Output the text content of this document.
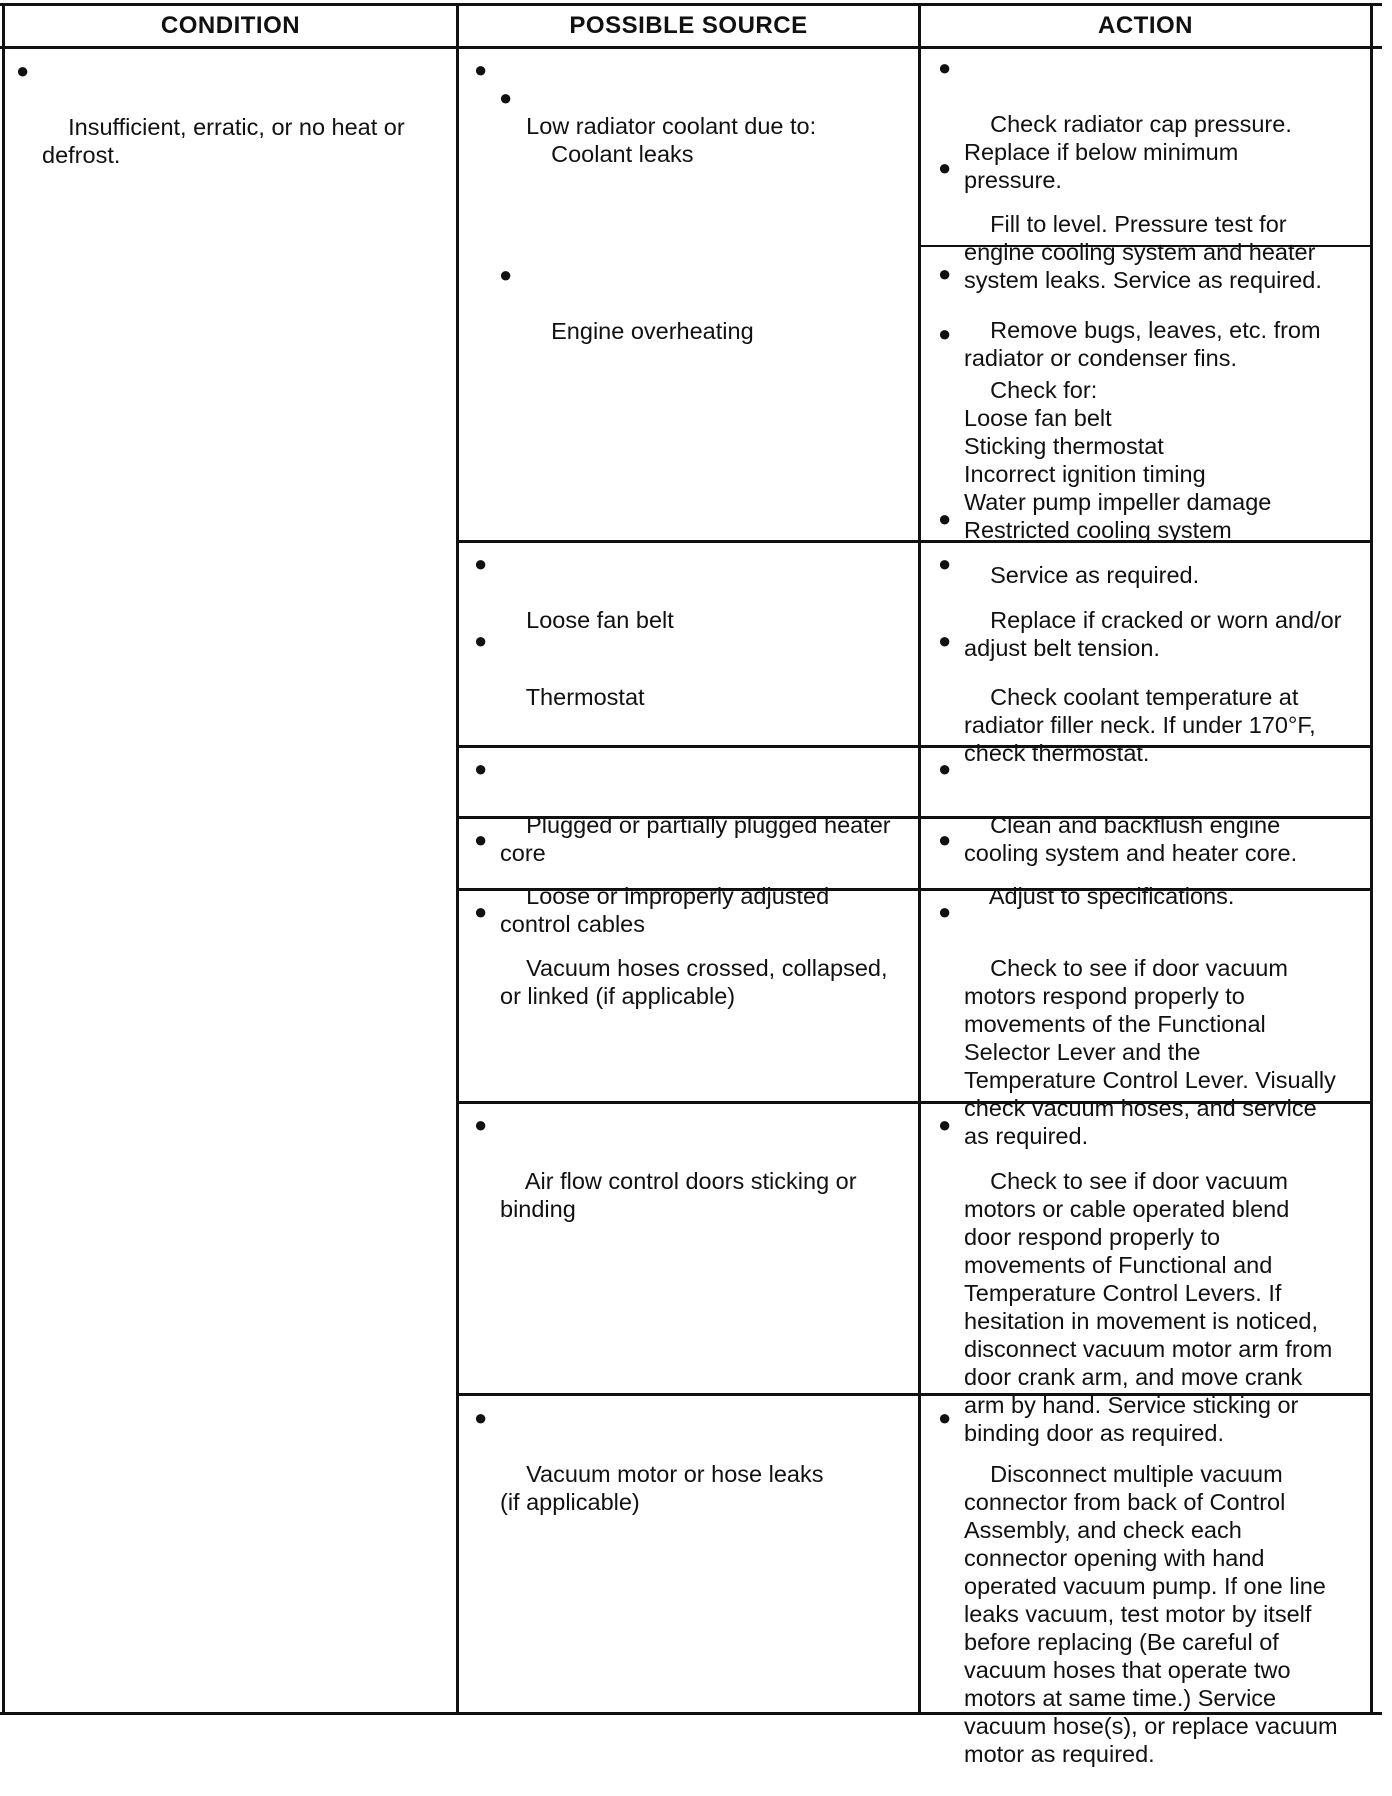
CONDITION	POSSIBLE SOURCE	ACTION

●

Insufficient, erratic, or no heat or
defrost.

●

Low radiator coolant due to:

●

Coolant leaks

●

Engine overheating

●

Loose fan belt

●

Thermostat

●

Plugged or partially plugged heater
core

●

Loose or improperly adjusted
control cables

●

Vacuum hoses crossed, collapsed,
or linked (if applicable)

●

Air flow control doors sticking or
binding

●

Vacuum motor or hose leaks
(if applicable)

●

Check radiator cap pressure.
Replace if below minimum
pressure.

●

Fill to level. Pressure test for
engine cooling system and heater
system leaks. Service as required.

●

Remove bugs, leaves, etc. from
radiator or condenser fins.

●

Check for:
Loose fan belt
Sticking thermostat
Incorrect ignition timing
Water pump impeller damage
Restricted cooling system

●

Service as required.

●

Replace if cracked or worn and/or
adjust belt tension.

●

Check coolant temperature at
radiator filler neck. If under 170°F,
check thermostat.

●

Clean and backflush engine
cooling system and heater core.

●

Adjust to specifications.

●

Check to see if door vacuum
motors respond properly to
movements of the Functional
Selector Lever and the
Temperature Control Lever. Visually
check vacuum hoses, and service
as required.

●

Check to see if door vacuum
motors or cable operated blend
door respond properly to
movements of Functional and
Temperature Control Levers. If
hesitation in movement is noticed,
disconnect vacuum motor arm from
door crank arm, and move crank
arm by hand. Service sticking or
binding door as required.

●

Disconnect multiple vacuum
connector from back of Control
Assembly, and check each
connector opening with hand
operated vacuum pump. If one line
leaks vacuum, test motor by itself
before replacing (Be careful of
vacuum hoses that operate two
motors at same time.) Service
vacuum hose(s), or replace vacuum
motor as required.
